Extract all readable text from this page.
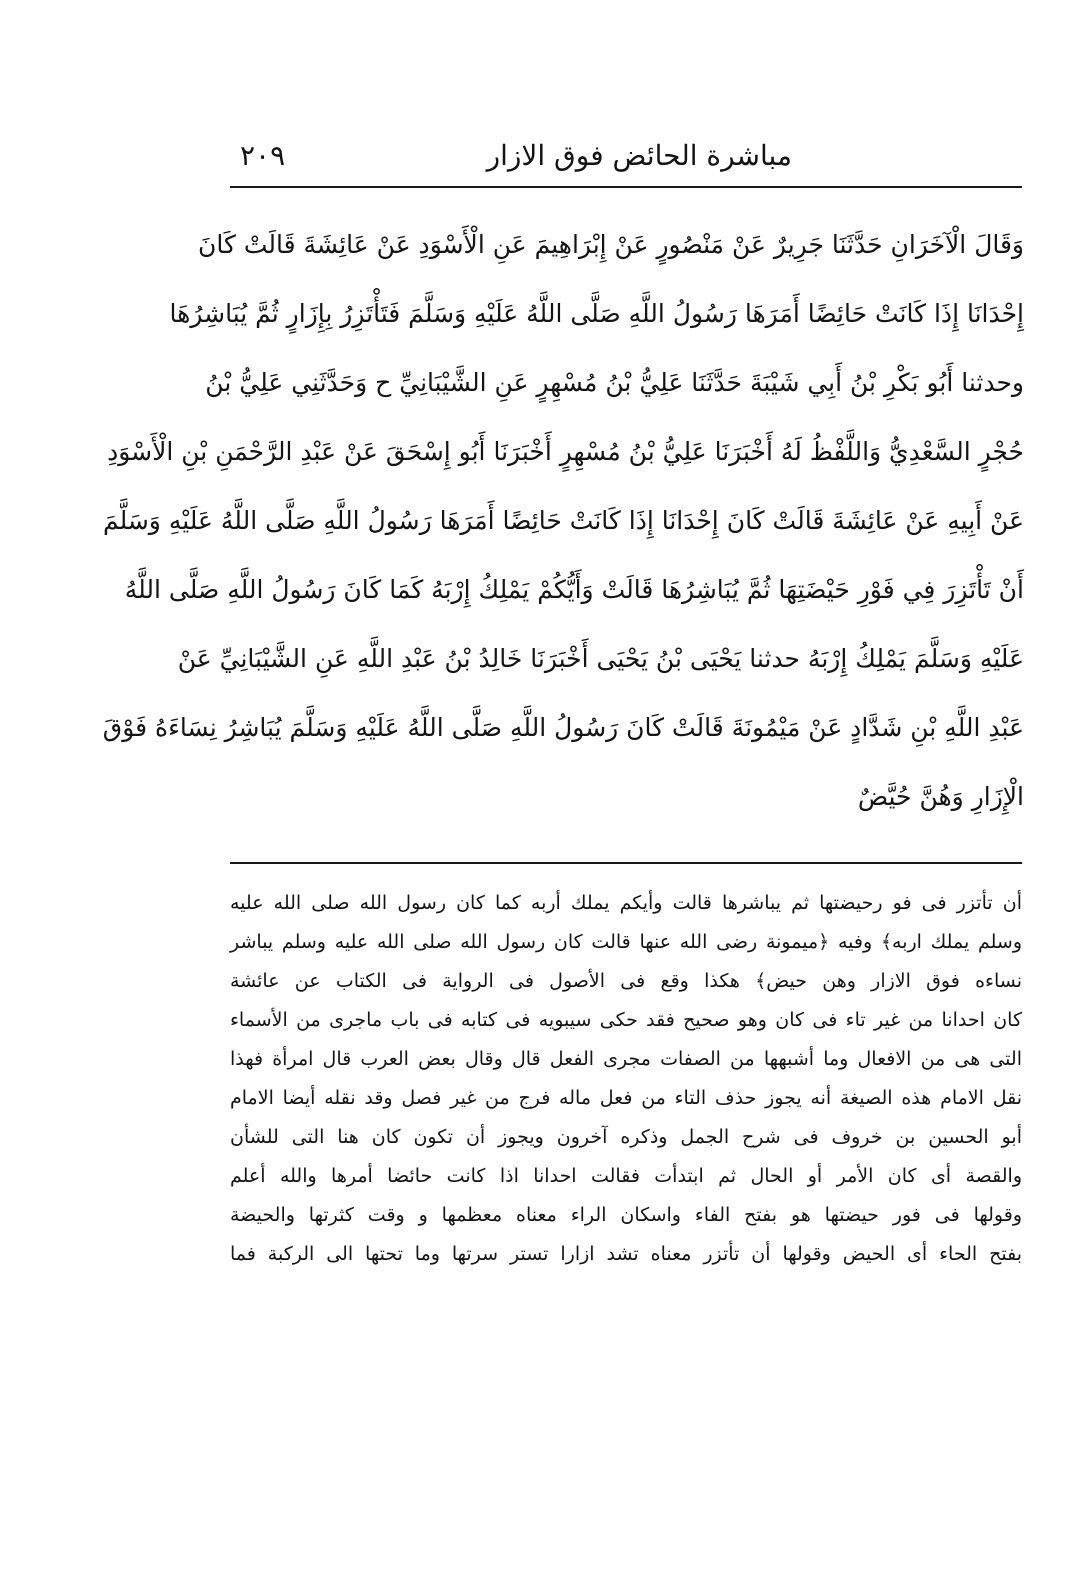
مباشرة الحائض فوق الازار
٢٠٩
وَقَالَ الْآخَرَانِ حَدَّثَنَا جَرِيرٌ عَنْ مَنْصُورٍ عَنْ إِبْرَاهِيمَ عَنِ الْأَسْوَدِ عَنْ عَائِشَةَ قَالَتْ كَانَ
إِحْدَانَا إِذَا كَانَتْ حَائِضًا أَمَرَهَا رَسُولُ اللَّهِ صَلَّى اللَّهُ عَلَيْهِ وَسَلَّمَ فَتَأْتَزِرُ بِإِزَارٍ ثُمَّ يُبَاشِرُهَا
وحدثنا أَبُو بَكْرِ بْنُ أَبِي شَيْبَةَ حَدَّثَنَا عَلِيُّ بْنُ مُسْهِرٍ عَنِ الشَّيْبَانِيِّ ح وَحَدَّثَنِي عَلِيُّ بْنُ
حُجْرٍ السَّعْدِيُّ وَاللَّفْظُ لَهُ أَخْبَرَنَا عَلِيُّ بْنُ مُسْهِرٍ أَخْبَرَنَا أَبُو إِسْحَقَ عَنْ عَبْدِ الرَّحْمَنِ بْنِ الْأَسْوَدِ
عَنْ أَبِيهِ عَنْ عَائِشَةَ قَالَتْ كَانَ إِحْدَانَا إِذَا كَانَتْ حَائِضًا أَمَرَهَا رَسُولُ اللَّهِ صَلَّى اللَّهُ عَلَيْهِ وَسَلَّمَ
أَنْ تَأْتَزِرَ فِي فَوْرِ حَيْضَتِهَا ثُمَّ يُبَاشِرُهَا قَالَتْ وَأَيُّكُمْ يَمْلِكُ إِرْبَهُ كَمَا كَانَ رَسُولُ اللَّهِ صَلَّى اللَّهُ
عَلَيْهِ وَسَلَّمَ يَمْلِكُ إِرْبَهُ حدثنا يَحْيَى بْنُ يَحْيَى أَخْبَرَنَا خَالِدُ بْنُ عَبْدِ اللَّهِ عَنِ الشَّيْبَانِيِّ عَنْ
عَبْدِ اللَّهِ بْنِ شَدَّادٍ عَنْ مَيْمُونَةَ قَالَتْ كَانَ رَسُولُ اللَّهِ صَلَّى اللَّهُ عَلَيْهِ وَسَلَّمَ يُبَاشِرُ نِسَاءَهُ فَوْقَ
الْإِزَارِ وَهُنَّ حُيَّضٌ
أن تأتزر فى فو رحيضتها ثم يباشرها قالت وأيكم يملك أربه كما كان رسول الله صلى الله عليه
وسلم يملك اربه﴾ وفيه ﴿ميمونة رضى الله عنها قالت كان رسول الله صلى الله عليه وسلم يباشر
نساءه فوق الازار وهن حيض﴾ هكذا وقع فى الأصول فى الرواية فى الكتاب عن عائشة
كان احدانا من غير تاء فى كان وهو صحيح فقد حكى سيبويه فى كتابه فى باب ماجرى من الأسماء
التى هى من الافعال وما أشبهها من الصفات مجرى الفعل قال وقال بعض العرب قال امرأة فهذا
نقل الامام هذه الصيغة أنه يجوز حذف التاء من فعل ماله فرج من غير فصل وقد نقله أيضا الامام
أبو الحسين بن خروف فى شرح الجمل وذكره آخرون ويجوز أن تكون كان هنا التى للشأن
والقصة أى كان الأمر أو الحال ثم ابتدأت فقالت احدانا اذا كانت حائضا أمرها والله أعلم
وقولها فى فور حيضتها هو بفتح الفاء واسكان الراء معناه معظمها و وقت كثرتها والحيضة
بفتح الحاء أى الحيض وقولها أن تأتزر معناه تشد ازارا تستر سرتها وما تحتها الى الركبة فما
